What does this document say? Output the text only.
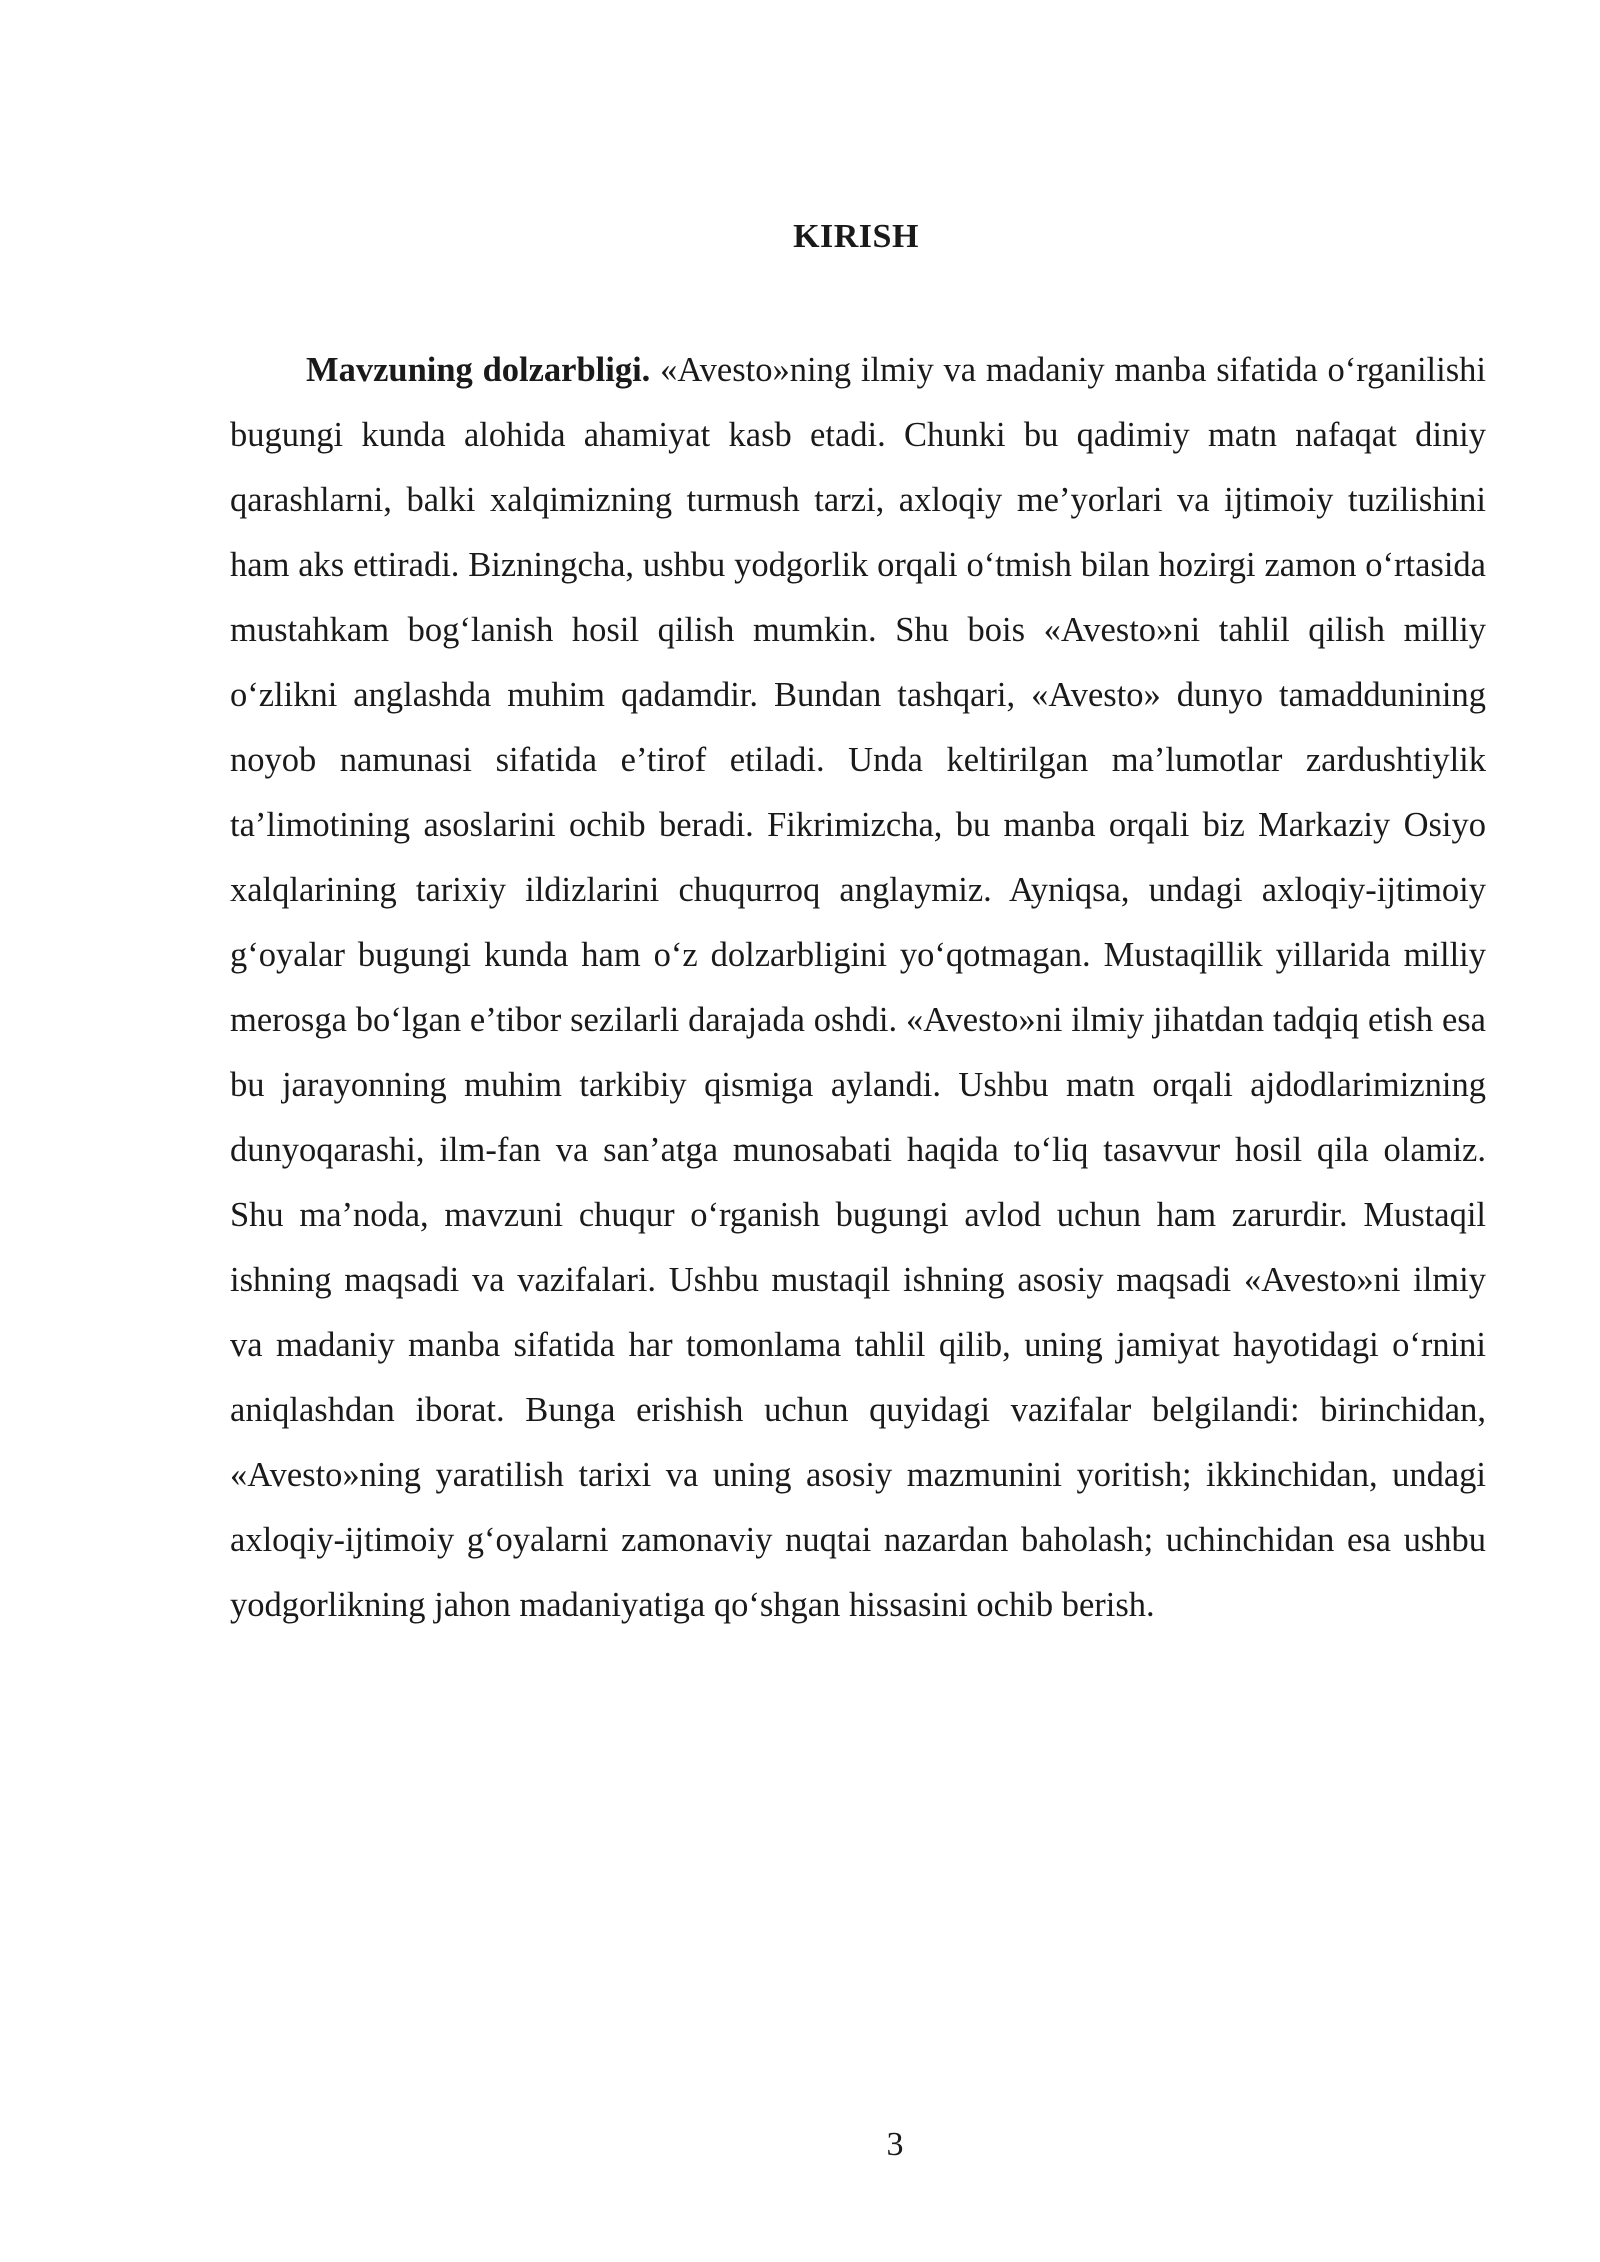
KIRISH

Mavzuning dolzarbligi. «Avesto»ning ilmiy va madaniy manba sifatida o‘rganilishi bugungi kunda alohida ahamiyat kasb etadi. Chunki bu qadimiy matn nafaqat diniy qarashlarni, balki xalqimizning turmush tarzi, axloqiy me’yorlari va ijtimoiy tuzilishini ham aks ettiradi. Bizningcha, ushbu yodgorlik orqali o‘tmish bilan hozirgi zamon o‘rtasida mustahkam bog‘lanish hosil qilish mumkin. Shu bois «Avesto»ni tahlil qilish milliy o‘zlikni anglashda muhim qadamdir. Bundan tashqari, «Avesto» dunyo tamaddunining noyob namunasi sifatida e’tirof etiladi. Unda keltirilgan ma’lumotlar zardushtiylik ta’limotining asoslarini ochib beradi. Fikrimizcha, bu manba orqali biz Markaziy Osiyo xalqlarining tarixiy ildizlarini chuqurroq anglaymiz. Ayniqsa, undagi axloqiy-ijtimoiy g‘oyalar bugungi kunda ham o‘z dolzarbligini yo‘qotmagan. Mustaqillik yillarida milliy merosga bo‘lgan e’tibor sezilarli darajada oshdi. «Avesto»ni ilmiy jihatdan tadqiq etish esa bu jarayonning muhim tarkibiy qismiga aylandi. Ushbu matn orqali ajdodlarimizning dunyoqarashi, ilm-fan va san’atga munosabati haqida to‘liq tasavvur hosil qila olamiz. Shu ma’noda, mavzuni chuqur o‘rganish bugungi avlod uchun ham zarurdir. Mustaqil ishning maqsadi va vazifalari. Ushbu mustaqil ishning asosiy maqsadi «Avesto»ni ilmiy va madaniy manba sifatida har tomonlama tahlil qilib, uning jamiyat hayotidagi o‘rnini aniqlashdan iborat. Bunga erishish uchun quyidagi vazifalar belgilandi: birinchidan, «Avesto»ning yaratilish tarixi va uning asosiy mazmunini yoritish; ikkinchidan, undagi axloqiy-ijtimoiy g‘oyalarni zamonaviy nuqtai nazardan baholash; uchinchidan esa ushbu yodgorlikning jahon madaniyatiga qo‘shgan hissasini ochib berish.

3
